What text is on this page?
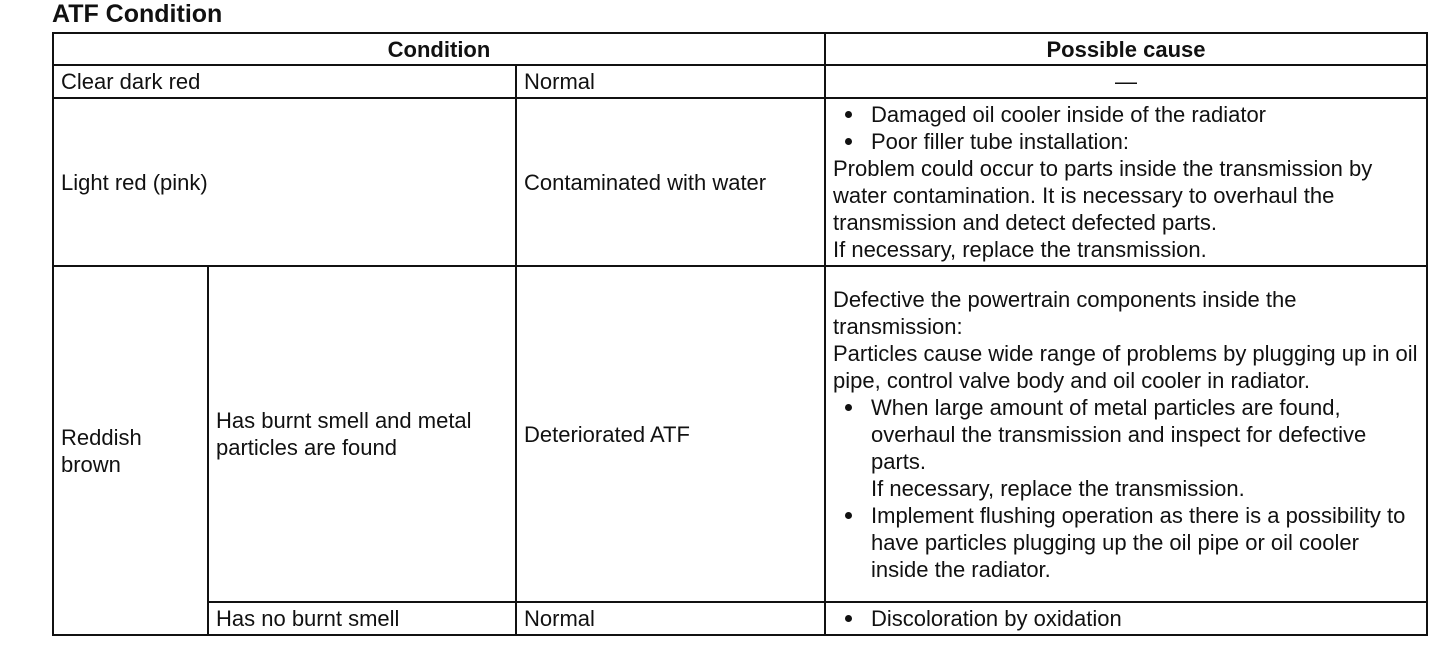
ATF Condition
Condition			Possible cause
Clear dark red		Normal	—
Light red (pink)		Contaminated with water	Damaged oil cooler inside of the radiator
Poor filler tube installation:
Problem could occur to parts inside the transmission by water contamination. It is necessary to overhaul the transmission and detect defected parts.
If necessary, replace the transmission.

Reddish brown	Has burnt smell and metal particles are found	Deteriorated ATF	Defective the powertrain components inside the transmission:
Particles cause wide range of problems by plugging up in oil pipe, control valve body and oil cooler in radiator.
When large amount of metal particles are found, overhaul the transmission and inspect for defective parts.
If necessary, replace the transmission.
Implement flushing operation as there is a possibility to have particles plugging up the oil pipe or oil cooler inside the radiator.

	Has no burnt smell	Normal	Discoloration by oxidation
